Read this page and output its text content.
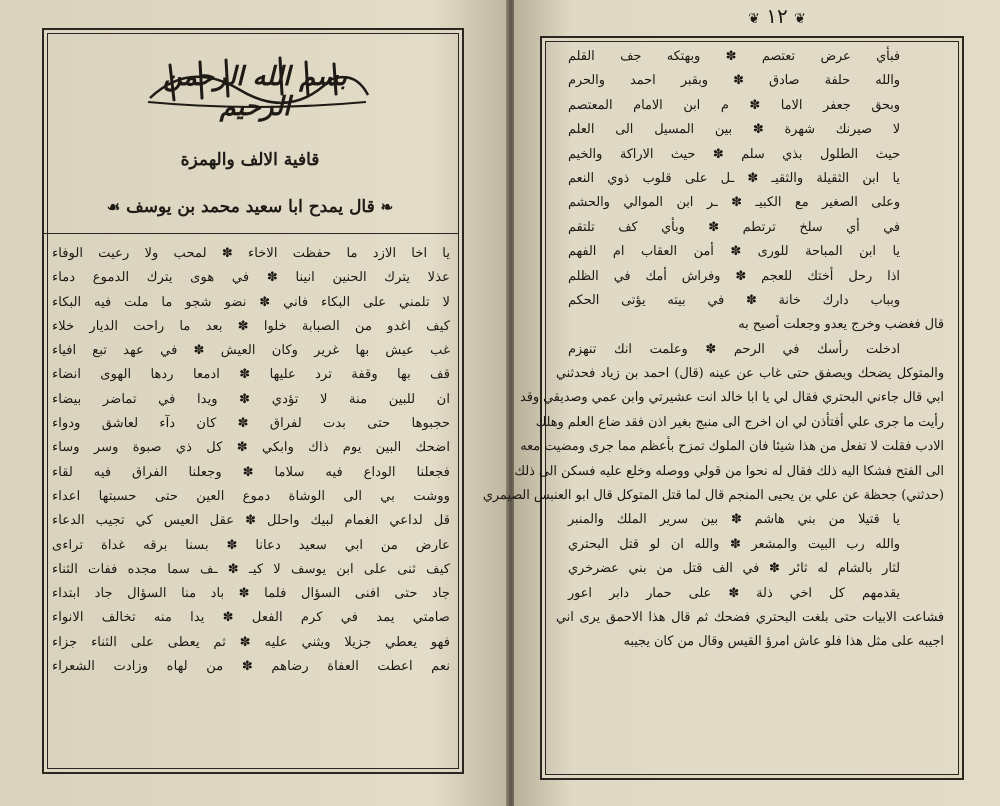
بسم الله الرحمن الرحيم
قافية الالف والهمزة
❧ قال يمدح ابا سعيد محمد بن يوسف ☙
يا اخا الازد ما حفظت الاخاء ✽ لمحب ولا رعيت الوفاء
عذلا يترك الحنين انينا ✽ في هوى يترك الدموع دماء
لا تلمني على البكاء فاني ✽ نضو شجو ما ملت فيه البكاء
كيف اغدو من الصبابة خلوا ✽ بعد ما راحت الديار خلاء
غب عيش بها غرير وكان العيش ✽ في عهد تبع افياء
قف بها وقفة ترد عليها ✽ ادمعا ردها الهوى انضاء
ان للبين منة لا تؤدي ✽ ويدا في تماضر بيضاء
حجبوها حتى بدت لفراق ✽ كان دآء لعاشق ودواء
اضحك البين يوم ذاك وابكي ✽ كل ذي صبوة وسر وساء
فجعلنا الوداع فيه سلاما ✽ وجعلنا الفراق فيه لقاء
ووشت بي الى الوشاة دموع العين حتى حسبتها اعداء
قل لداعي الغمام لبيك واحلل ✽ عقل العيس كي تجيب الدعاء
عارض من ابي سعيد دعانا ✽ بسنا برقه غداة تراءى
كيف ثنى على ابن يوسف لا كيـ ✽ ـف سما مجده ففات الثناء
جاد حتى افنى السؤال فلما ✽ باد منا السؤال جاد ابتداء
صامتي يمد في كرم الفعل ✽ يدا منه تخالف الانواء
فهو يعطي جزيلا ويثني عليه ✽ ثم يعطى على الثناء جزاء
نعم اعطت العفاة رضاهم ✽ من لهاه وزادت الشعراء
❦ ١٢ ❦
فبأي عرض تعتصم ✽ وبهتكه جف القلم
والله حلفة صادق ✽ وبقبر احمد والحرم
وبحق جعفر الاما ✽ م ابن الامام المعتصم
لا صيرنك شهرة ✽ بين المسيل الى العلم
حيث الطلول بذي سلم ✽ حيث الاراكة والخيم
يا ابن الثقيلة والثقيـ ✽ ـل على قلوب ذوي النعم
وعلى الصغير مع الكبيـ ✽ ـر ابن الموالي والحشم
في أي سلخ ترتطم ✽ وبأي كف تلتقم
يا ابن المباحة للورى ✽ أمن العقاب ام الفهم
اذا رحل أختك للعجم ✽ وفراش أمك في الظلم
وبباب دارك خانة ✽ في بيته يؤتى الحكم
قال فغضب وخرج يعدو وجعلت أصيح به
ادخلت رأسك في الرحم ✽ وعلمت انك تنهزم
والمتوكل يضحك ويصفق حتى غاب عن عينه (قال) احمد بن زياد فحدثني
ابي قال جاءني البحتري فقال لي يا ابا خالد انت عشيرتي وابن عمي وصديقي وقد
رأيت ما جرى علي أفتأذن لي ان اخرج الى منبج بغير اذن فقد ضاع العلم وهلك
الادب فقلت لا تفعل من هذا شيئا فان الملوك تمزح بأعظم مما جرى ومضيت معه
الى الفتح فشكا اليه ذلك فقال له نحوا من قولي ووصله وخلع عليه فسكن الى ذلك
(حدثني) جحظة عن علي بن يحيى المنجم قال لما قتل المتوكل قال ابو العنبس الصيمري
يا قتيلا من بني هاشم ✽ بين سرير الملك والمنبر
والله رب البيت والمشعر ✽ والله ان لو قتل البحتري
لثار بالشام له ثائر ✽ في الف قتل من بني عضرخري
يقدمهم كل اخي ذلة ✽ على حمار دابر اعور
فشاعت الابيات حتى بلغت البحتري فضحك ثم قال هذا الاحمق يرى اني
اجيبه على مثل هذا فلو عاش امرؤ القيس وقال من كان يجيبه
